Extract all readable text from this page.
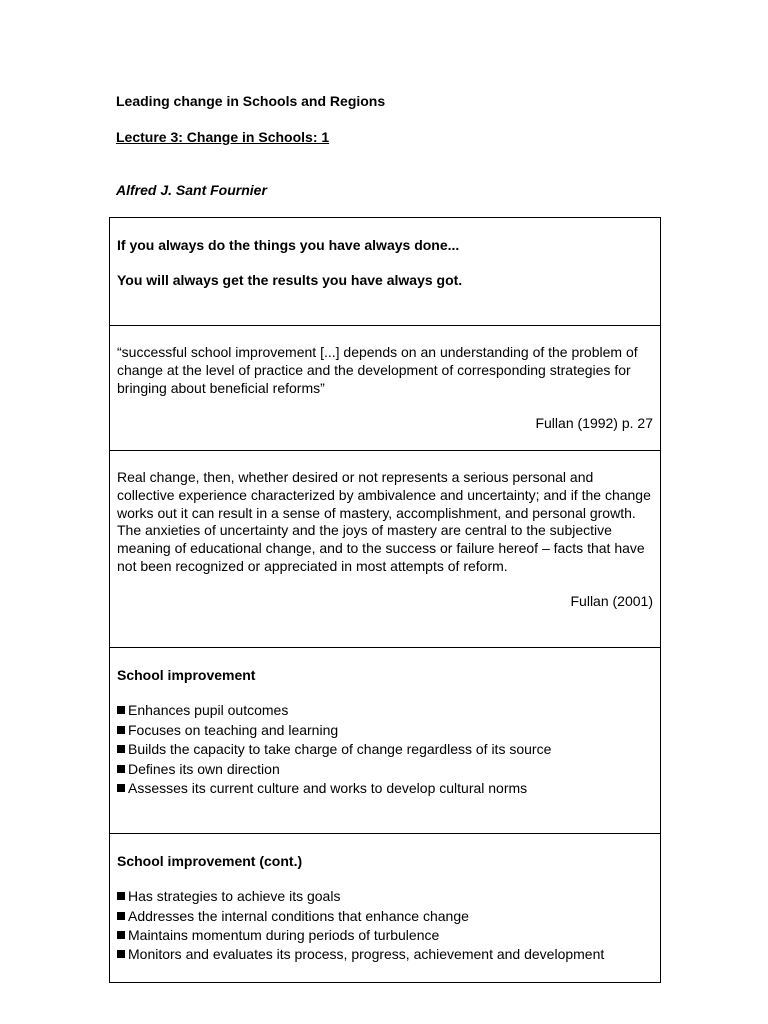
Leading change in Schools and Regions
Lecture 3: Change in Schools: 1
Alfred J. Sant Fournier
If you always do the things you have always done...
You will always get the results you have always got.
“successful school improvement [...] depends on an understanding of the problem of change at the level of practice and the development of corresponding strategies for bringing about beneficial reforms”
Fullan (1992) p. 27
Real change, then, whether desired or not represents a serious personal and collective experience characterized by ambivalence and uncertainty; and if the change works out it can result in a sense of mastery, accomplishment, and personal growth. The anxieties of uncertainty and the joys of mastery are central to the subjective meaning of educational change, and to the success or failure hereof – facts that have not been recognized or appreciated in most attempts of reform.
Fullan (2001)
School improvement
Enhances pupil outcomes
Focuses on teaching and learning
Builds the capacity to take charge of change regardless of its source
Defines its own direction
Assesses its current culture and works to develop cultural norms
School improvement (cont.)
Has strategies to achieve its goals
Addresses the internal conditions that enhance change
Maintains momentum during periods of turbulence
Monitors and evaluates its process, progress, achievement and development
